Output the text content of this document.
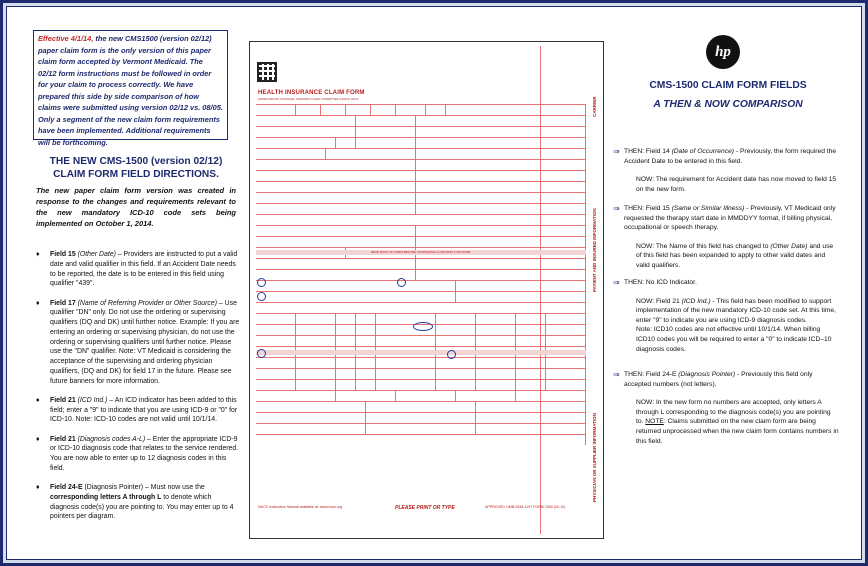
Effective 4/1/14, the new CMS1500 (version 02/12) paper claim form is the only version of this paper claim form accepted by Vermont Medicaid. The 02/12 form instructions must be followed in order for your claim to process correctly. We have prepared this side by side comparison of how claims were submitted using version 02/12 vs. 08/05. Only a segment of the new claim form requirements have been implemented. Additional requirements will be forthcoming.
THE NEW CMS-1500 (version 02/12)
CLAIM FORM FIELD DIRECTIONS.
The new paper claim form version was created in response to the changes and requirements relevant to the new mandatory ICD-10 code sets being implemented on October 1, 2014.
♦ Field 15 (Other Date) – Providers are instructed to put a valid date and valid qualifier in this field. If an Accident Date needs to be reported, the date is to be entered in this field using qualifier "439".
♦ Field 17 (Name of Referring Provider or Other Source) – Use qualifier "DN" only. Do not use the ordering or supervising qualifiers (DQ and DK) until further notice. Example: If you are entering an ordering or supervising physician, do not use the ordering or supervising qualifiers until further notice. Please use the "DN" qualifier. Note: VT Medicaid is considering the acceptance of the supervising and ordering physician qualifiers, (DQ and DK) for field 17 in the future. Please see future banners for more information.
♦ Field 21 (ICD Ind.) – An ICD indicator has been added to this field; enter a "9" to indicate that you are using ICD-9 or "0" for ICD-10. Note: ICD-10 codes are not valid until 10/1/14.
♦ Field 21 (Diagnosis codes A-L) – Enter the appropriate ICD-9 or ICD-10 diagnosis code that relates to the service rendered. You are now able to enter up to 12 diagnosis codes in this field.
♦ Field 24-E (Diagnosis Pointer) – Must now use the corresponding letters A through L to denote which diagnosis code(s) you are pointing to. You may enter up to 4 pointers per diagram.
HEALTH INSURANCE CLAIM FORM
APPROVED BY NATIONAL UNIFORM CLAIM COMMITTEE (NUCC) 02/12	CARRIER
PATIENT AND INSURED INFORMATION
PHYSICIAN OR SUPPLIER INFORMATION
READ BACK OF FORM BEFORE COMPLETING & SIGNING THIS FORM.
NUCC Instruction Manual available at: www.nucc.org	PLEASE PRINT OR TYPE	APPROVED OMB-0938-1197 FORM 1500 (02-12)
hp
CMS-1500 CLAIM FORM FIELDS
A THEN & NOW COMPARISON
⇒ THEN: Field 14 (Date of Occurrence) - Previously, the form required the Accident Date to be entered in this field.
NOW: The requirement for Accident date has now moved to field 15 on the new form.
⇒ THEN: Field 15 (Same or Similar Illness) - Previously, VT Medicaid only requested the therapy start date in MMDDYY format, if billing physical, occupational or speech therapy.
NOW: The Name of this field has changed to (Other Date) and use of this field has been expanded to apply to other valid dates and valid qualifiers.
⇒ THEN: No ICD Indicator.
NOW: Field 21 (ICD Ind.) - This field has been modified to support implementation of the new mandatory ICD-10 code set. At this time, enter "9" to indicate you are using ICD-9 diagnosis codes.
Note: ICD10 codes are not effective until 10/1/14. When billing ICD10 codes you will be required to enter a "0" to indicate ICD–10 diagnosis codes.
⇒ THEN: Field 24-E (Diagnosis Pointer) - Previously this field only accepted numbers (not letters).
NOW: In the new form no numbers are accepted, only letters A through L corresponding to the diagnosis code(s) you are pointing to. NOTE: Claims submitted on the new claim form are being returned unprocessed when the new claim form contains numbers in this field.
